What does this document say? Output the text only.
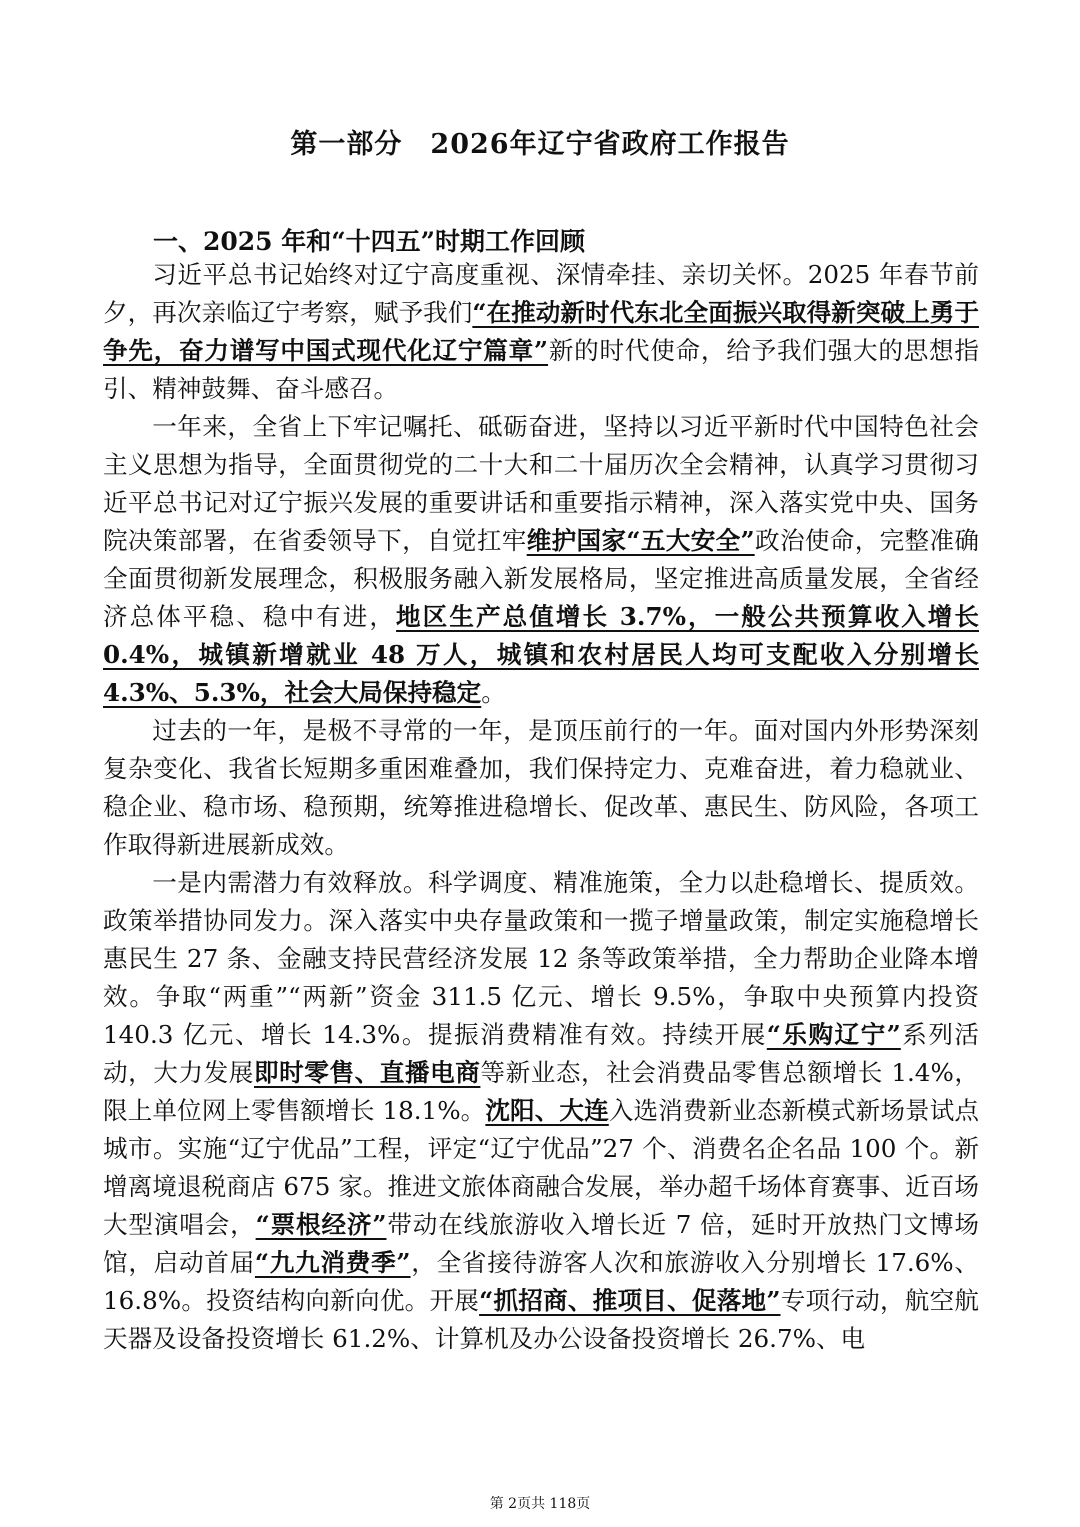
第一部分 2026年辽宁省政府工作报告
一、2025 年和“十四五”时期工作回顾

习近平总书记始终对辽宁高度重视、深情牵挂、亲切关怀。2025 年春节前夕，再次亲临辽宁考察，赋予我们“在推动新时代东北全面振兴取得新突破上勇于争先，奋力谱写中国式现代化辽宁篇章”新的时代使命，给予我们强大的思想指引、精神鼓舞、奋斗感召。

一年来，全省上下牢记嘱托、砥砺奋进，坚持以习近平新时代中国特色社会主义思想为指导，全面贯彻党的二十大和二十届历次全会精神，认真学习贯彻习近平总书记对辽宁振兴发展的重要讲话和重要指示精神，深入落实党中央、国务院决策部署，在省委领导下，自觉扛牢维护国家“五大安全”政治使命，完整准确全面贯彻新发展理念，积极服务融入新发展格局，坚定推进高质量发展，全省经济总体平稳、稳中有进，地区生产总值增长 3.7%，一般公共预算收入增长 0.4%，城镇新增就业 48 万人，城镇和农村居民人均可支配收入分别增长 4.3%、5.3%，社会大局保持稳定。

过去的一年，是极不寻常的一年，是顶压前行的一年。面对国内外形势深刻复杂变化、我省长短期多重困难叠加，我们保持定力、克难奋进，着力稳就业、稳企业、稳市场、稳预期，统筹推进稳增长、促改革、惠民生、防风险，各项工作取得新进展新成效。

一是内需潜力有效释放。科学调度、精准施策，全力以赴稳增长、提质效。政策举措协同发力。深入落实中央存量政策和一揽子增量政策，制定实施稳增长惠民生 27 条、金融支持民营经济发展 12 条等政策举措，全力帮助企业降本增效。争取“两重”“两新”资金 311.5 亿元、增长 9.5%，争取中央预算内投资 140.3 亿元、增长 14.3%。提振消费精准有效。持续开展“乐购辽宁”系列活动，大力发展即时零售、直播电商等新业态，社会消费品零售总额增长 1.4%，限上单位网上零售额增长 18.1%。沈阳、大连入选消费新业态新模式新场景试点城市。实施“辽宁优品”工程，评定“辽宁优品”27 个、消费名企名品 100 个。新增离境退税商店 675 家。推进文旅体商融合发展，举办超千场体育赛事、近百场大型演唱会，“票根经济”带动在线旅游收入增长近 7 倍，延时开放热门文博场馆，启动首届“九九消费季”，全省接待游客人次和旅游收入分别增长 17.6%、16.8%。投资结构向新向优。开展“抓招商、推项目、促落地”专项行动，航空航天器及设备投资增长 61.2%、计算机及办公设备投资增长 26.7%、电

第 2页共 118页
